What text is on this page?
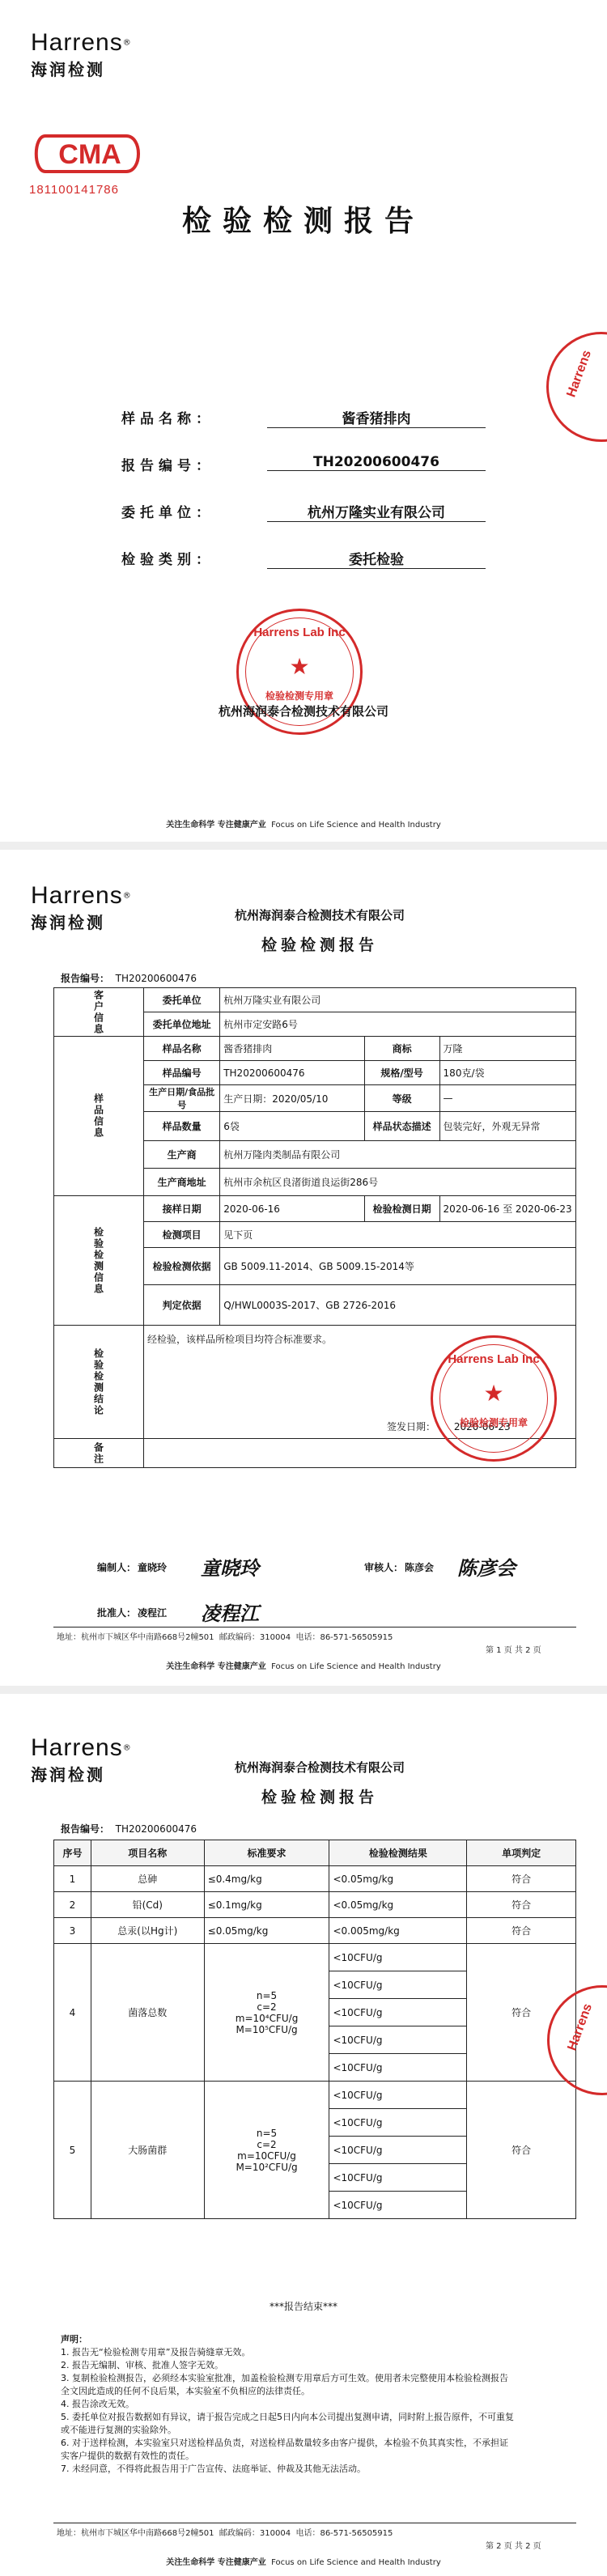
Harrens®
海润检测
CMA
181100141786
检验检测报告
Harrens
样品名称：	酱香猪排肉
报告编号：	TH20200600476
委托单位：	杭州万隆实业有限公司
检验类别：	委托检验
Harrens Lab Inc
★
检验检测专用章
杭州海润泰合检测技术有限公司
关注生命科学 专注健康产业 Focus on Life Science and Health Industry
Harrens®
海润检测	杭州海润泰合检测技术有限公司
检验检测报告
报告编号： TH20200600476
客户信息	委托单位	杭州万隆实业有限公司		
	委托单位地址	杭州市定安路6号		
样品信息	样品名称	酱香猪排肉	商标	万隆
	样品编号	TH20200600476	规格/型号	180克/袋
	生产日期/食品批号	生产日期：2020/05/10	等级	—
	样品数量	6袋	样品状态描述	包装完好，外观无异常
	生产商	杭州万隆肉类制品有限公司		
	生产商地址	杭州市余杭区良渚街道良运街286号		
检验检测信息	接样日期	2020-06-16	检验检测日期	2020-06-16 至 2020-06-23
	检测项目	见下页		
	检验检测依据	GB 5009.11-2014、GB 5009.15-2014等		
	判定依据	Q/HWL0003S-2017、GB 2726-2016		
检验检测结论	经检验，该样品所检项目均符合标准要求。
签发日期： 2020-06-23			

备注				
Harrens Lab Inc
★
检验检测专用章
编制人： 童晓玲 童晓玲	审核人： 陈彦会 陈彦会
批准人： 凌程江 凌程江
地址：杭州市下城区华中南路668号2幢501 邮政编码：310004 电话：86-571-56505915
第 1 页 共 2 页
关注生命科学 专注健康产业 Focus on Life Science and Health Industry
Harrens®
海润检测	杭州海润泰合检测技术有限公司
检验检测报告
报告编号： TH20200600476
序号	项目名称	标准要求	检验检测结果	单项判定
1	总砷	≤0.4mg/kg	<0.05mg/kg	符合
2	铅(Cd)	≤0.1mg/kg	<0.05mg/kg	符合
3	总汞(以Hg计)	≤0.05mg/kg	<0.005mg/kg	符合
4	菌落总数	n=5
c=2
m=10⁴CFU/g
M=10⁵CFU/g	<10CFU/g	符合
			<10CFU/g	
			<10CFU/g	
			<10CFU/g	
			<10CFU/g	
5	大肠菌群	n=5
c=2
m=10CFU/g
M=10²CFU/g	<10CFU/g	符合
			<10CFU/g	
			<10CFU/g	
			<10CFU/g	
			<10CFU/g	
Harrens
***报告结束***
声明：
1. 报告无“检验检测专用章”及报告骑缝章无效。
2. 报告无编制、审核、批准人签字无效。
3. 复制检验检测报告，必须经本实验室批准，加盖检验检测专用章后方可生效。使用者未完整使用本检验检测报告全文因此造成的任何不良后果，本实验室不负相应的法律责任。
4. 报告涂改无效。
5. 委托单位对报告数据如有异议，请于报告完成之日起5日内向本公司提出复测申请，同时附上报告原件，不可重复或不能进行复测的实验除外。
6. 对于送样检测，本实验室只对送检样品负责，对送检样品数量较多由客户提供，本检验不负其真实性，不承担证实客户提供的数据有效性的责任。
7. 未经同意，不得将此报告用于广告宣传、法庭举证、仲裁及其他无法活动。
地址：杭州市下城区华中南路668号2幢501 邮政编码：310004 电话：86-571-56505915
第 2 页 共 2 页
关注生命科学 专注健康产业 Focus on Life Science and Health Industry
